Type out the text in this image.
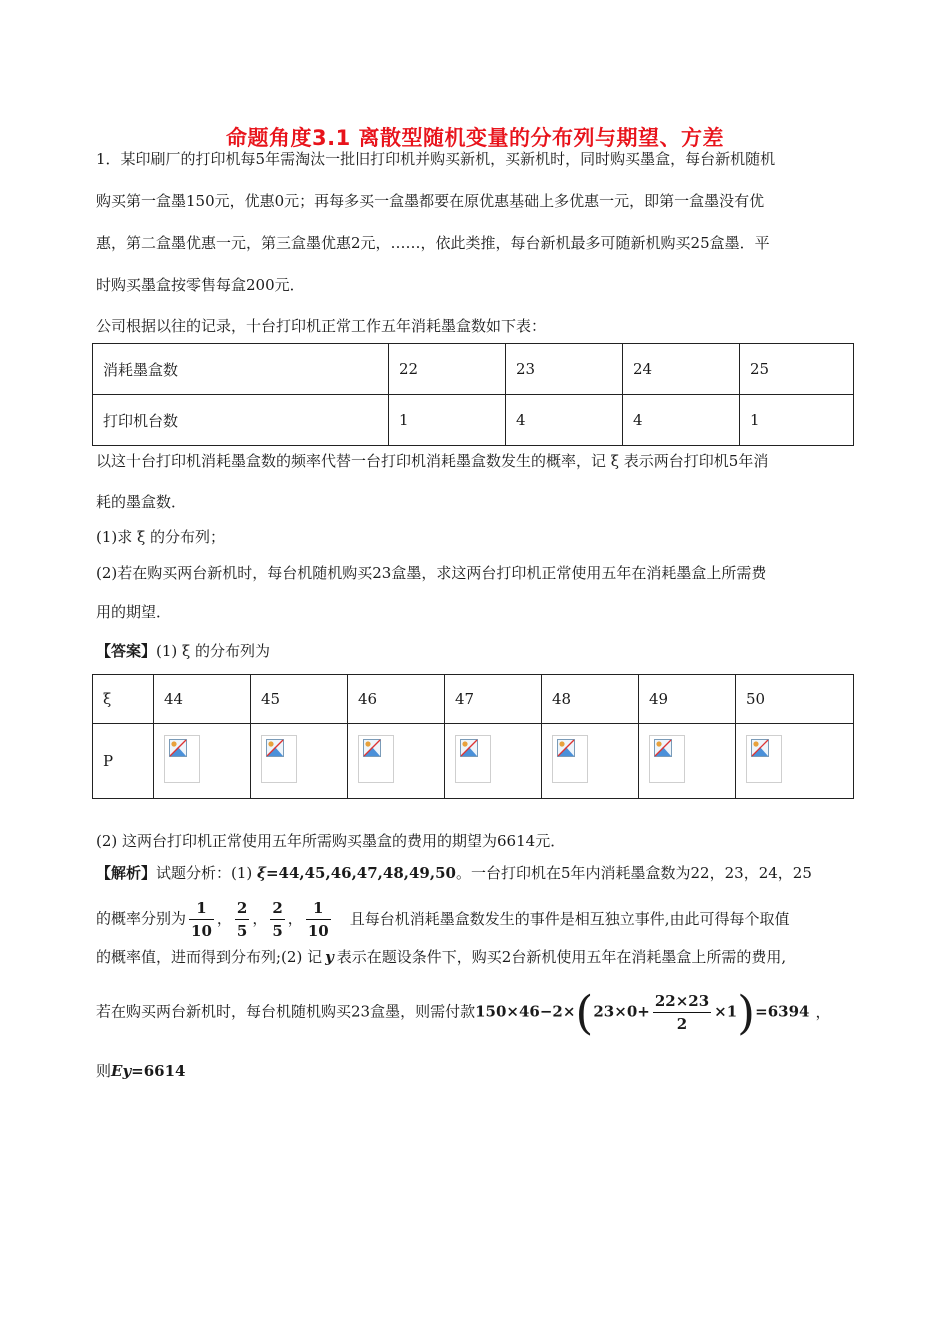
命题角度3.1 离散型随机变量的分布列与期望、方差
1．某印刷厂的打印机每5年需淘汰一批旧打印机并购买新机，买新机时，同时购买墨盒，每台新机随机
购买第一盒墨150元，优惠0元；再每多买一盒墨都要在原优惠基础上多优惠一元，即第一盒墨没有优
惠，第二盒墨优惠一元，第三盒墨优惠2元，……，依此类推，每台新机最多可随新机购买25盒墨．平
时购买墨盒按零售每盒200元．
公司根据以往的记录，十台打印机正常工作五年消耗墨盒数如下表：
消耗墨盒数	22	23	24	25
打印机台数	1	4	4	1
以这十台打印机消耗墨盒数的频率代替一台打印机消耗墨盒数发生的概率，记 ξ 表示两台打印机5年消
耗的墨盒数．
(1)求 ξ 的分布列；
(2)若在购买两台新机时，每台机随机购买23盒墨，求这两台打印机正常使用五年在消耗墨盒上所需费
用的期望．
【答案】(1) ξ 的分布列为
ξ	44	45	46	47	48	49	50
P	

(2) 这两台打印机正常使用五年所需购买墨盒的费用的期望为6614元．
【解析】试题分析：(1) ξ=44,45,46,47,48,49,50。一台打印机在5年内消耗墨盒数为22，23，24，25
的概率分别为 $\frac{1}{10}$ ， $\frac{2}{5}$ ， $\frac{2}{5}$ ， $\frac{1}{10}$ 且每台机消耗墨盒数发生的事件是相互独立事件,由此可得每个取值
的概率值，进而得到分布列;(2) 记 y 表示在题设条件下，购买2台新机使用五年在消耗墨盒上所需的费用,
若在购买两台新机时，每台机随机购买23盒墨，则需付款$150\times 46-2\times(23\times 0+ \frac{22\times 23}{2} \times 1)=6394$ ，
则Ey=6614
